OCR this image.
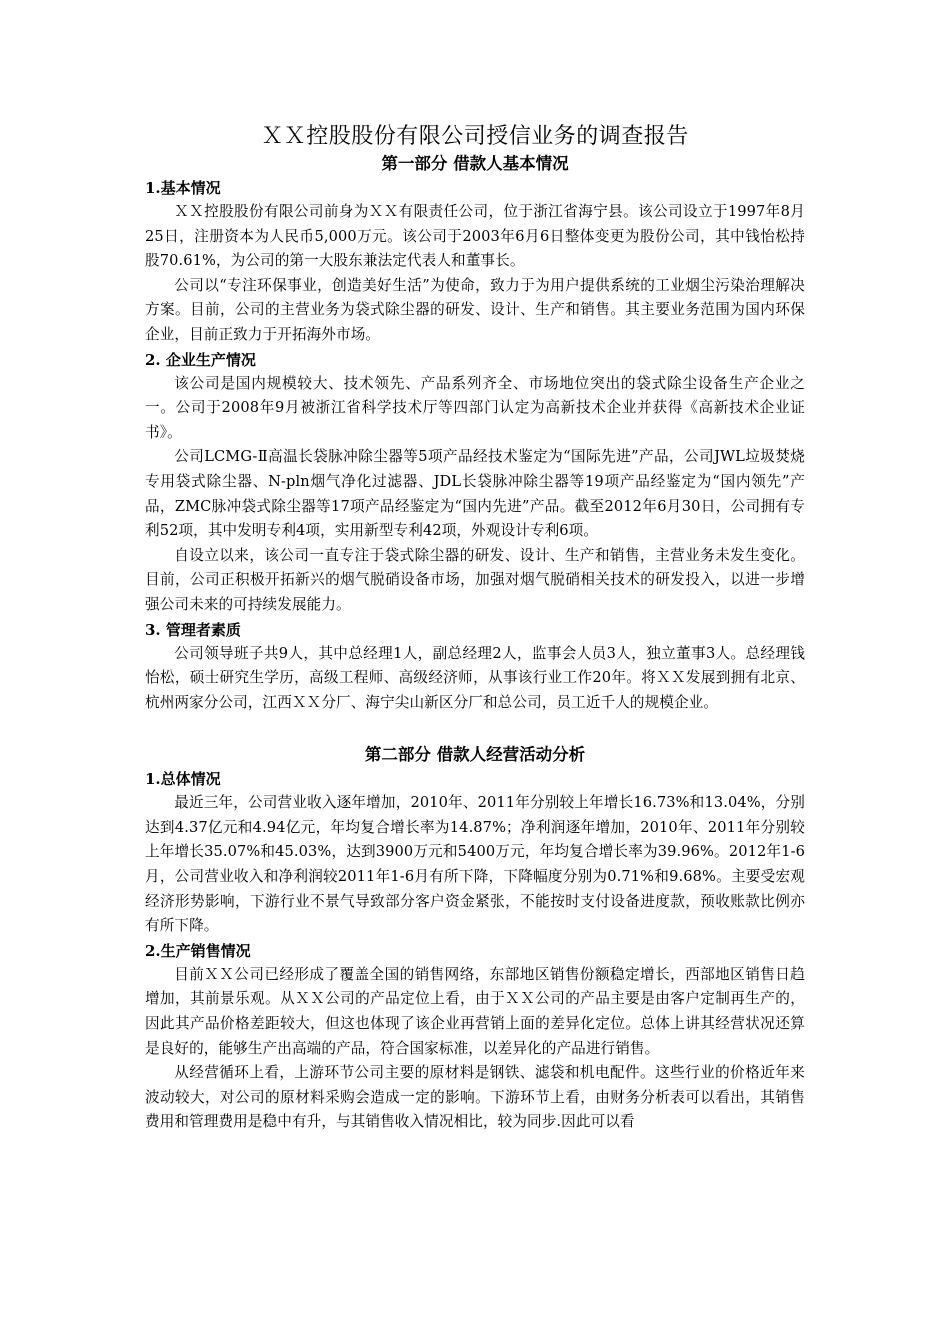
ＸＸ控股股份有限公司授信业务的调查报告
第一部分 借款人基本情况
1.基本情况

ＸＸ控股股份有限公司前身为ＸＸ有限责任公司，位于浙江省海宁县。该公司设立于1997年8月25日，注册资本为人民币5,000万元。该公司于2003年6月6日整体变更为股份公司，其中钱怡松持股70.61%，为公司的第一大股东兼法定代表人和董事长。

公司以“专注环保事业，创造美好生活”为使命，致力于为用户提供系统的工业烟尘污染治理解决方案。目前，公司的主营业务为袋式除尘器的研发、设计、生产和销售。其主要业务范围为国内环保企业，目前正致力于开拓海外市场。

2. 企业生产情况

该公司是国内规模较大、技术领先、产品系列齐全、市场地位突出的袋式除尘设备生产企业之一。公司于2008年9月被浙江省科学技术厅等四部门认定为高新技术企业并获得《高新技术企业证书》。

公司LCMG-Ⅱ高温长袋脉冲除尘器等5项产品经技术鉴定为“国际先进”产品，公司JWL垃圾焚烧专用袋式除尘器、N-pln烟气净化过滤器、JDL长袋脉冲除尘器等19项产品经鉴定为“国内领先”产品，ZMC脉冲袋式除尘器等17项产品经鉴定为“国内先进”产品。截至2012年6月30日，公司拥有专利52项，其中发明专利4项，实用新型专利42项，外观设计专利6项。

自设立以来，该公司一直专注于袋式除尘器的研发、设计、生产和销售，主营业务未发生变化。目前，公司正积极开拓新兴的烟气脱硝设备市场，加强对烟气脱硝相关技术的研发投入，以进一步增强公司未来的可持续发展能力。

3. 管理者素质

公司领导班子共9人，其中总经理1人，副总经理2人，监事会人员3人，独立董事3人。总经理钱怡松，硕士研究生学历，高级工程师、高级经济师，从事该行业工作20年。将ＸＸ发展到拥有北京、杭州两家分公司，江西ＸＸ分厂、海宁尖山新区分厂和总公司，员工近千人的规模企业。

第二部分 借款人经营活动分析
1.总体情况

最近三年，公司营业收入逐年增加，2010年、2011年分别较上年增长16.73%和13.04%，分别达到4.37亿元和4.94亿元，年均复合增长率为14.87%；净利润逐年增加，2010年、2011年分别较上年增长35.07%和45.03%，达到3900万元和5400万元，年均复合增长率为39.96%。2012年1-6月，公司营业收入和净利润较2011年1-6月有所下降，下降幅度分别为0.71%和9.68%。主要受宏观经济形势影响，下游行业不景气导致部分客户资金紧张，不能按时支付设备进度款，预收账款比例亦有所下降。

2.生产销售情况

目前ＸＸ公司已经形成了覆盖全国的销售网络，东部地区销售份额稳定增长，西部地区销售日趋增加，其前景乐观。从ＸＸ公司的产品定位上看，由于ＸＸ公司的产品主要是由客户定制再生产的，因此其产品价格差距较大，但这也体现了该企业再营销上面的差异化定位。总体上讲其经营状况还算是良好的，能够生产出高端的产品，符合国家标准，以差异化的产品进行销售。

从经营循环上看，上游环节公司主要的原材料是钢铁、滤袋和机电配件。这些行业的价格近年来波动较大，对公司的原材料采购会造成一定的影响。下游环节上看，由财务分析表可以看出，其销售费用和管理费用是稳中有升，与其销售收入情况相比，较为同步.因此可以看
